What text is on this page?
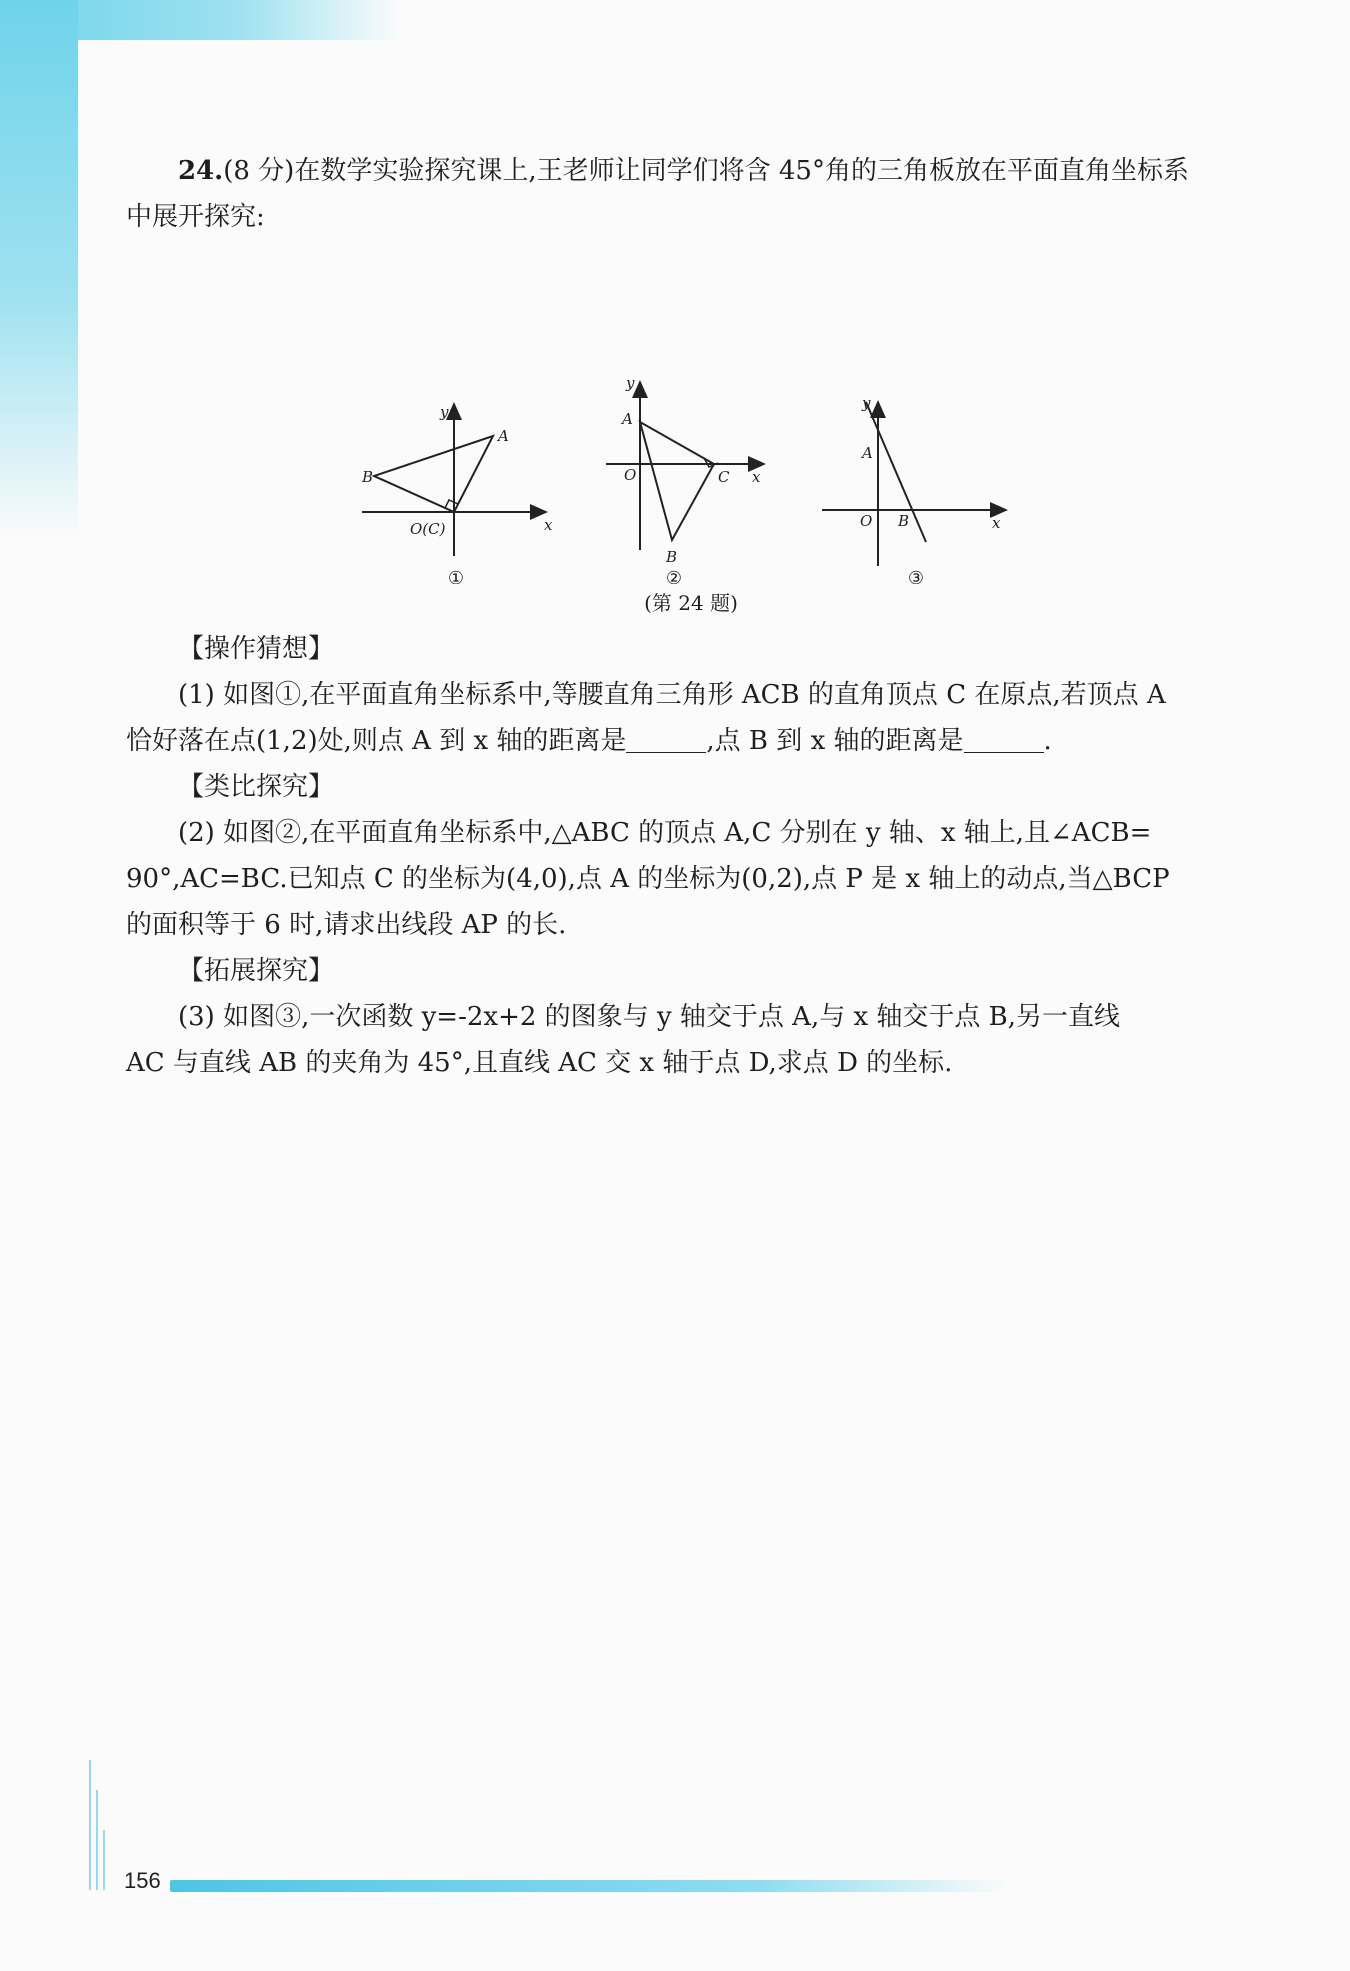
24.(8 分)在数学实验探究课上,王老师让同学们将含 45°角的三角板放在平面直角坐标系

中展开探究:

y
x
A
B
O(C)
①
y
x
A
O	C
B
②
y
x
A
O B
③

(第 24 题)

【操作猜想】

(1) 如图①,在平面直角坐标系中,等腰直角三角形 ACB 的直角顶点 C 在原点,若顶点 A

恰好落在点(1,2)处,则点 A 到 x 轴的距离是	,点 B 到 x 轴的距离是	.

【类比探究】

(2) 如图②,在平面直角坐标系中,△ABC 的顶点 A,C 分别在 y 轴、x 轴上,且∠ACB=

90°,AC=BC.已知点 C 的坐标为(4,0),点 A 的坐标为(0,2),点 P 是 x 轴上的动点,当△BCP

的面积等于 6 时,请求出线段 AP 的长.

【拓展探究】

(3) 如图③,一次函数 y=-2x+2 的图象与 y 轴交于点 A,与 x 轴交于点 B,另一直线

AC 与直线 AB 的夹角为 45°,且直线 AC 交 x 轴于点 D,求点 D 的坐标.

156
